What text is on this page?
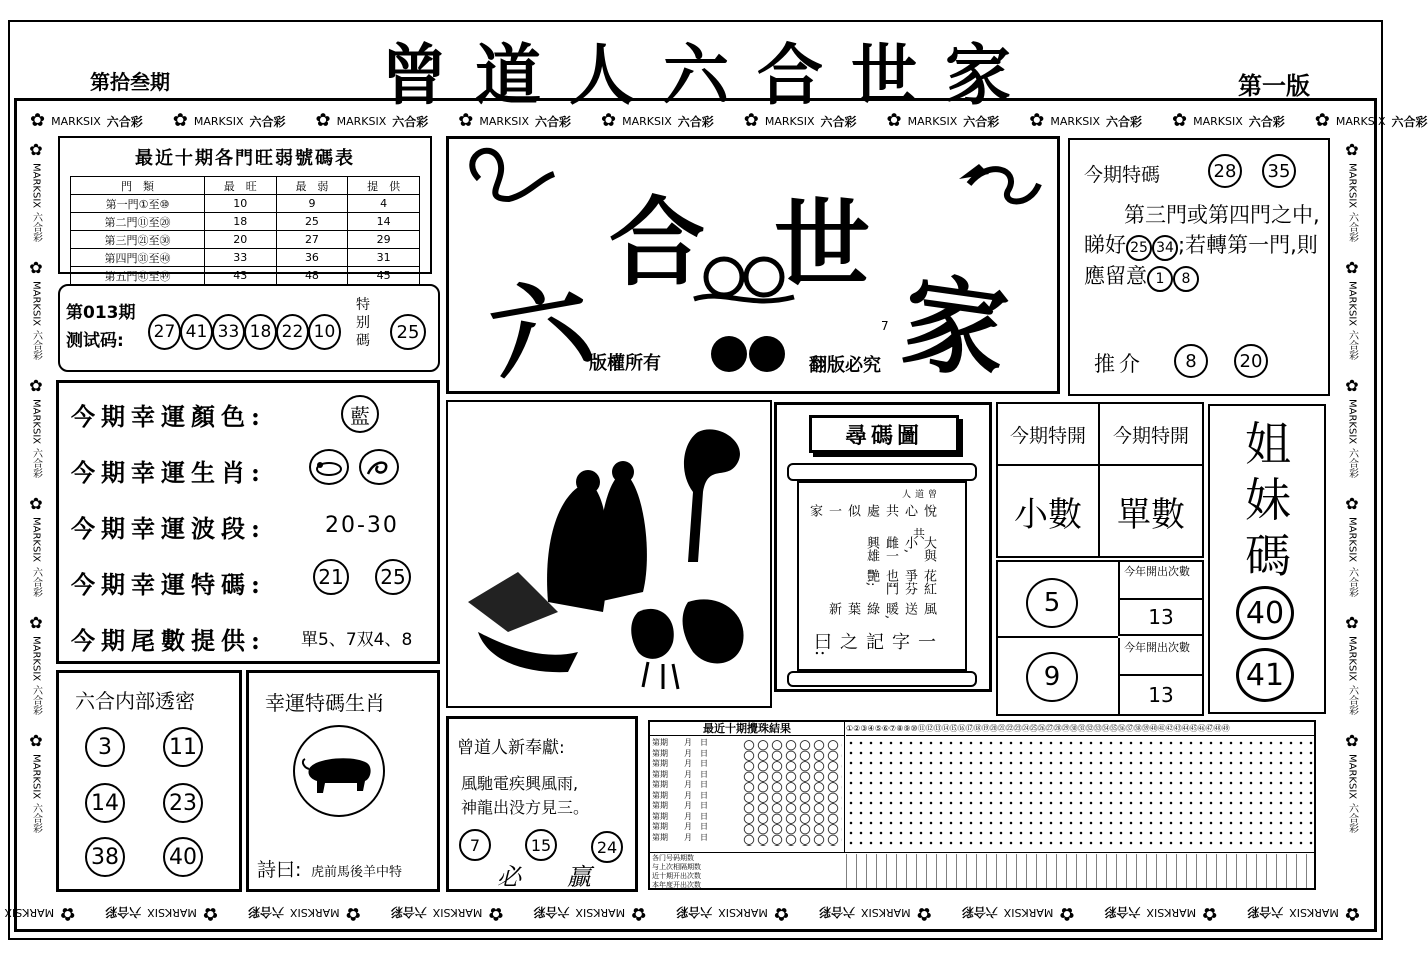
第拾叁期	曾道人六合世家	第一版
✿ MARKSIX 六合彩 ✿ MARKSIX 六合彩 ✿ MARKSIX 六合彩 ✿ MARKSIX 六合彩 ✿ MARKSIX 六合彩 ✿ MARKSIX 六合彩 ✿ MARKSIX 六合彩 ✿ MARKSIX 六合彩 ✿ MARKSIX 六合彩 ✿ MARKSIX 六合彩
✿
MARKSIX
六合彩
✿
MARKSIX
六合彩
✿
MARKSIX
六合彩
✿
MARKSIX
六合彩
✿
MARKSIX
六合彩
✿
MARKSIX
六合彩
✿
MARKSIX
六合彩
✿
MARKSIX
六合彩
✿
MARKSIX
六合彩
✿
MARKSIX
✿
MARKSIX
六合彩
✿
MARKSIX
六合彩
✿
MARKSIX
六合彩
✿
MARKSIX
六合彩
✿
MARKSIX
六合彩
✿
MARKSIX
六合彩
✿
MARKSIX
六合彩
✿
MARKSIX
六合彩
✿
MARKSIX
六合彩
✿
MARKSIX
六合彩
✿
MARKSIX
六合彩
✿
MARKSIX
六合彩
最近十期各門旺弱號碼表
門　類	最　旺	最　弱	提　供
第一門①至⑩	10	9	4
第二門⑪至⑳	18	25	14
第三門㉑至㉚	20	27	29
第四門㉛至㊵	33	36	31
第五門㊶至㊾	43	48	45
第013期
测试码:	27 41 33 18 22 10
特别碼	25 六
合 世
家
版權所有	翻版必究
7
今期特碼	28	35
第三門或第四門之中,睇好 25 34 ;若轉第一門,則應留意 1 8
推介	8	20
今期幸運顏色:	藍
今期幸運生肖:
今期幸運波段:	20-30
今期幸運特碼:	21 25
今期尾數提供: 單5、7双4、8
尋碼圖
一字記之曰:
風送暖,綠葉新
花紅爭芬也鬥艷;
大與小,雌一興雄
悅心共處似一家
曾道人
共
今期特開	今期特開
小數	單數
5
今年開出次數
13
9
今年開出次數
13
姐妹碼
40
41
六合内部透密
3	11
14 23
38 40
幸運特碼生肖
詩曰: 虎前馬後羊中特
曾道人新奉獻:
風馳電疾興風雨,
神龍出没方見三。
7	15	24
必 贏
最近十期攪珠結果
第期　　月　日
第期　　月　日
第期　　月　日
第期　　月　日
第期　　月　日
第期　　月　日
第期　　月　日
第期　　月　日
第期　　月　日
第期　　月　日
①②③④⑤⑥⑦⑧⑨⑩⑪⑫⑬⑭⑮⑯⑰⑱⑲⑳㉑㉒㉓㉔㉕㉖㉗㉘㉙㉚㉛㉜㉝㉞㉟㊱㊲㊳㊴㊵㊶㊷㊸㊹㊺㊻㊼㊽㊾
各门号码期数
与上次相隔期数
近十期开出次数
本年度开出次数
